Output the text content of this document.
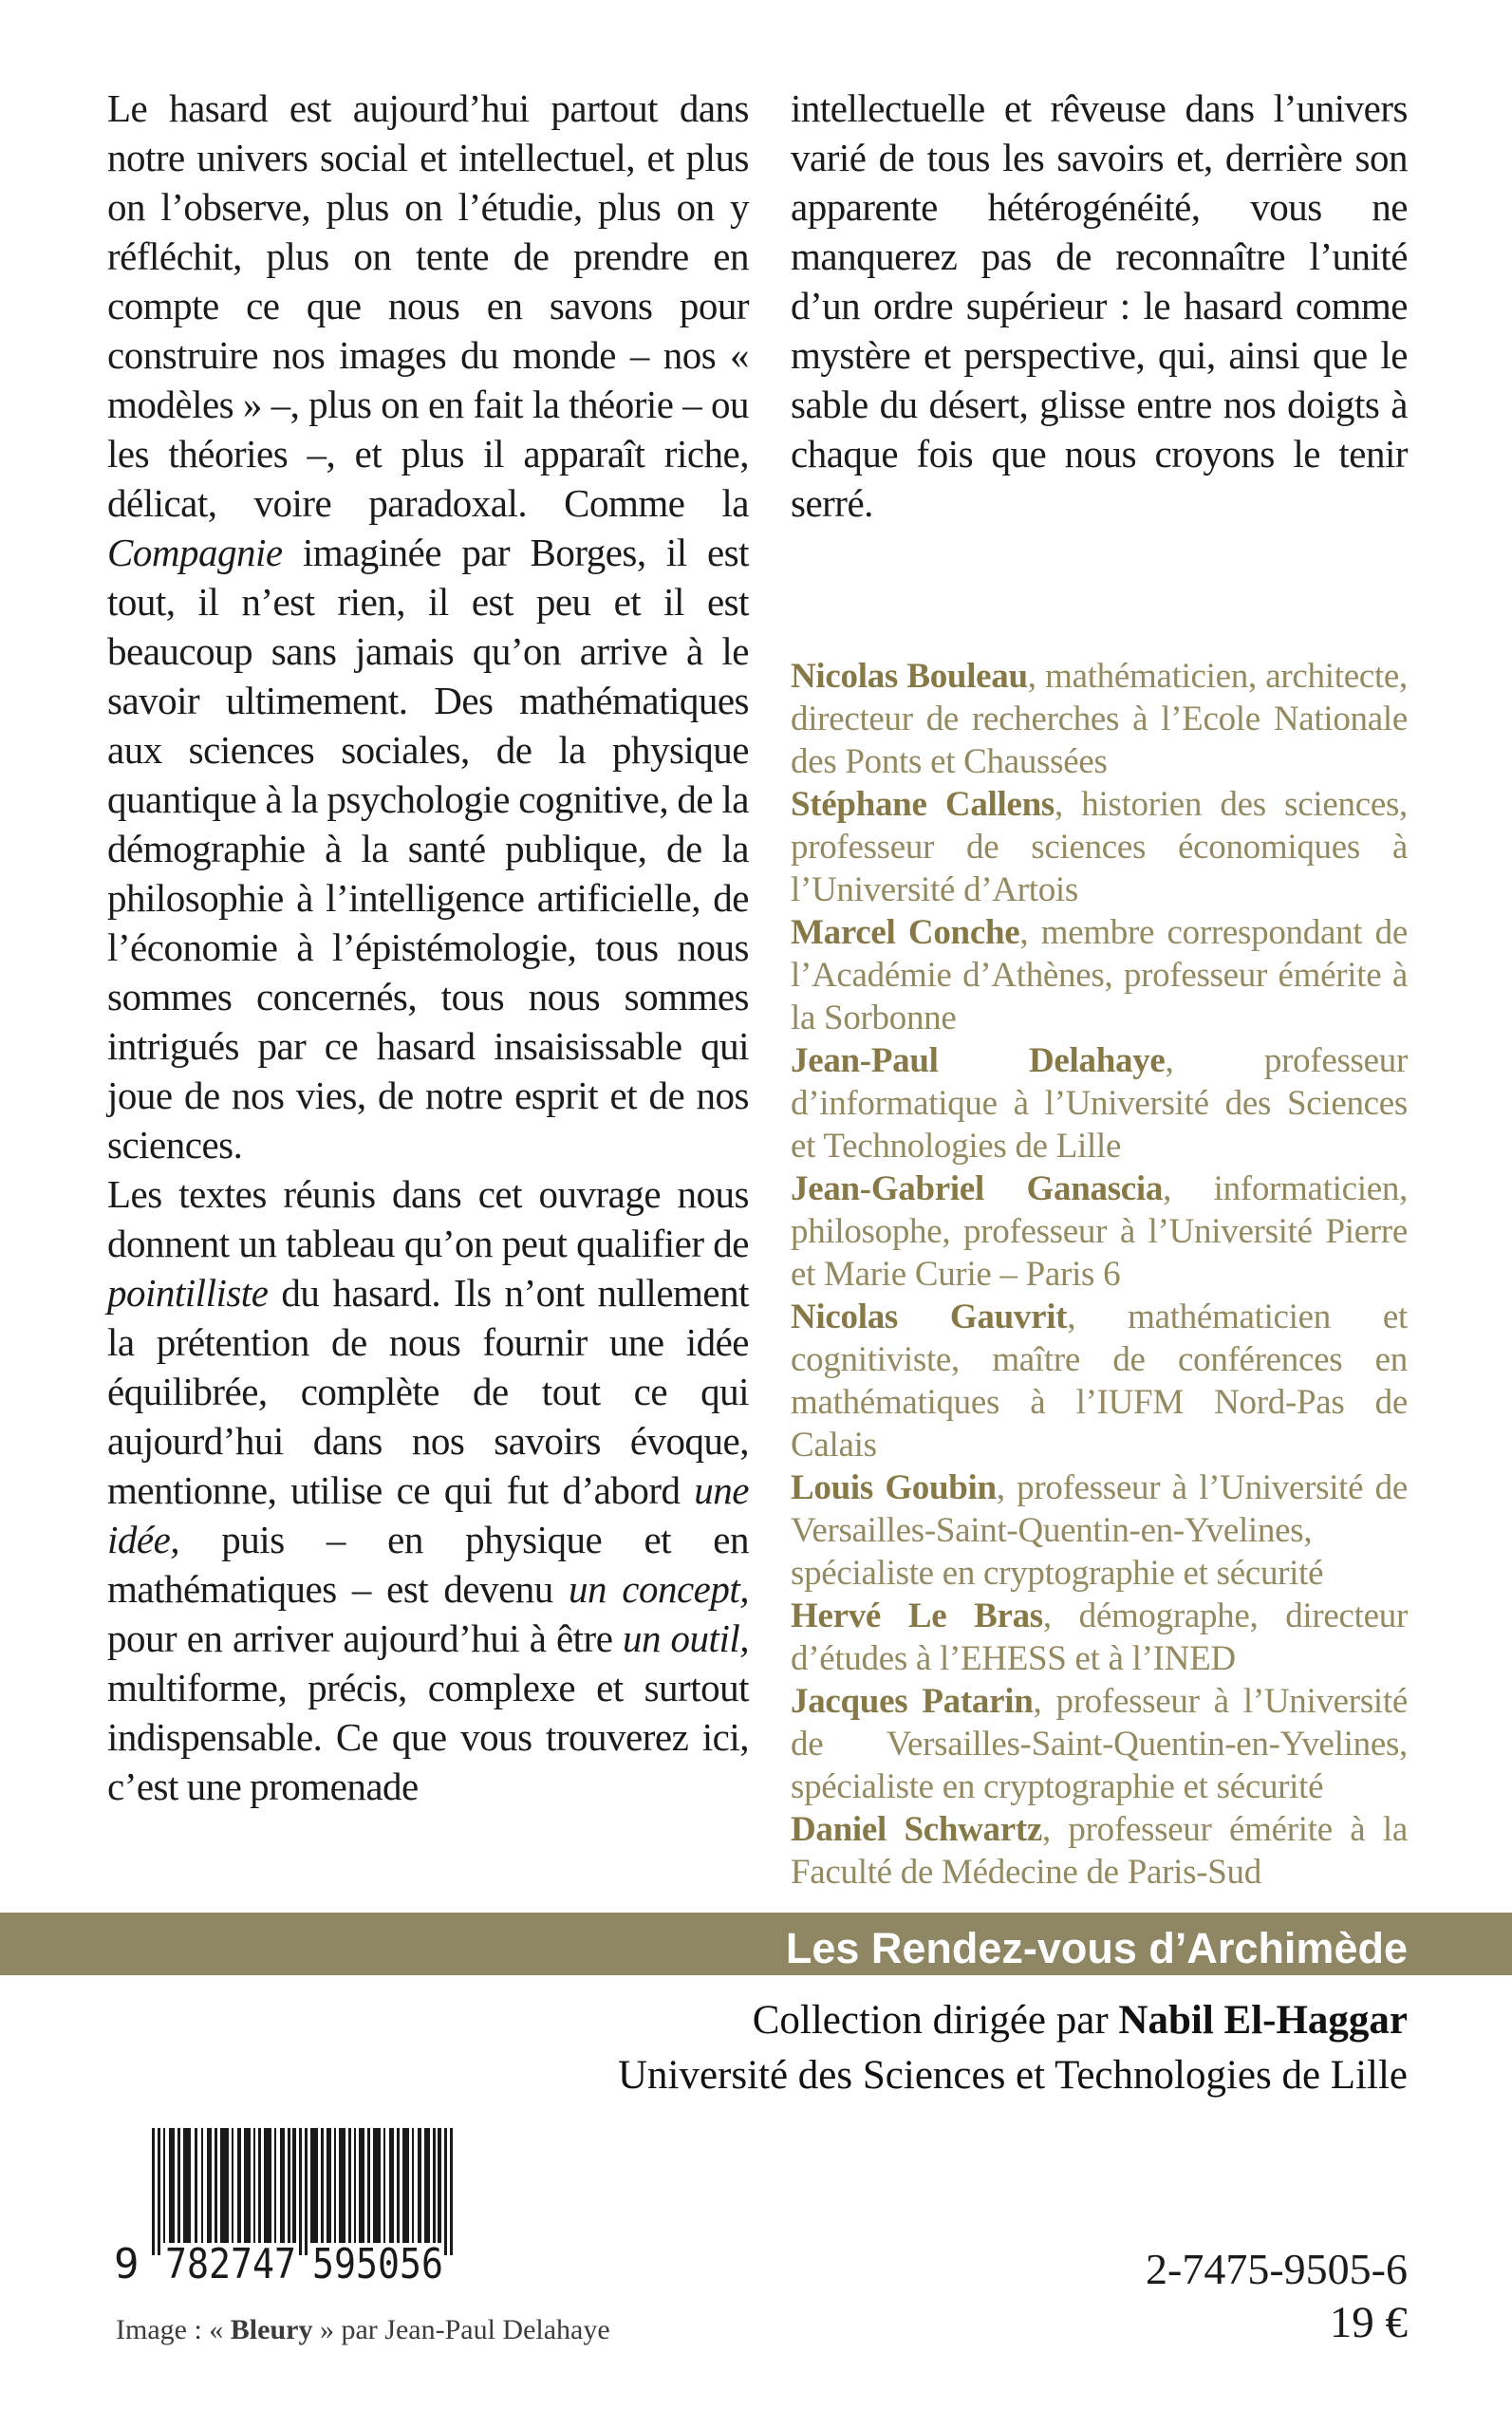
Le hasard est aujourd’hui partout dans notre univers social et intellectuel, et plus on l’observe, plus on l’étudie, plus on y réfléchit, plus on tente de prendre en compte ce que nous en savons pour construire nos images du monde – nos « modèles » –, plus on en fait la théorie – ou les théories –, et plus il apparaît riche, délicat, voire paradoxal. Comme la Compagnie imaginée par Borges, il est tout, il n’est rien, il est peu et il est beaucoup sans jamais qu’on arrive à le savoir ultimement. Des mathématiques aux sciences sociales, de la physique quantique à la psychologie cognitive, de la démographie à la santé publique, de la philosophie à l’intelligence artificielle, de l’économie à l’épistémologie, tous nous sommes concernés, tous nous sommes intrigués par ce hasard insaisissable qui joue de nos vies, de notre esprit et de nos sciences.

Les textes réunis dans cet ouvrage nous donnent un tableau qu’on peut qualifier de pointilliste du hasard. Ils n’ont nullement la prétention de nous fournir une idée équilibrée, complète de tout ce qui aujourd’hui dans nos savoirs évoque, mentionne, utilise ce qui fut d’abord une idée, puis – en physique et en mathématiques – est devenu un concept, pour en arriver aujourd’hui à être un outil, multiforme, précis, complexe et surtout indispensable. Ce que vous trouverez ici, c’est une promenade

intellectuelle et rêveuse dans l’univers varié de tous les savoirs et, derrière son apparente hétérogénéité, vous ne manquerez pas de reconnaître l’unité d’un ordre supérieur : le hasard comme mystère et perspective, qui, ainsi que le sable du désert, glisse entre nos doigts à chaque fois que nous croyons le tenir serré.

Nicolas Bouleau, mathématicien, architecte, directeur de recherches à l’Ecole Nationale des Ponts et Chaussées

Stéphane Callens, historien des sciences, professeur de sciences économiques à l’Université d’Artois

Marcel Conche, membre correspondant de l’Académie d’Athènes, professeur émérite à la Sorbonne

Jean-Paul Delahaye, professeur d’informatique à l’Université des Sciences et Technologies de Lille

Jean-Gabriel Ganascia, informaticien, philosophe, professeur à l’Université Pierre et Marie Curie – Paris 6

Nicolas Gauvrit, mathématicien et cognitiviste, maître de conférences en mathématiques à l’IUFM Nord-Pas de Calais

Louis Goubin, professeur à l’Université de Versailles-Saint-Quentin-en-Yvelines, spécialiste en cryptographie et sécurité

Hervé Le Bras, démographe, directeur d’études à l’EHESS et à l’INED

Jacques Patarin, professeur à l’Université de Versailles-Saint-Quentin-en-Yvelines, spécialiste en cryptographie et sécurité

Daniel Schwartz, professeur émérite à la Faculté de Médecine de Paris-Sud

Les Rendez-vous d’Archimède
Collection dirigée par Nabil El-Haggar
Université des Sciences et Technologies de Lille
9 782747 595056
Image : « Bleury » par Jean-Paul Delahaye
2-7475-9505-6
19 €
